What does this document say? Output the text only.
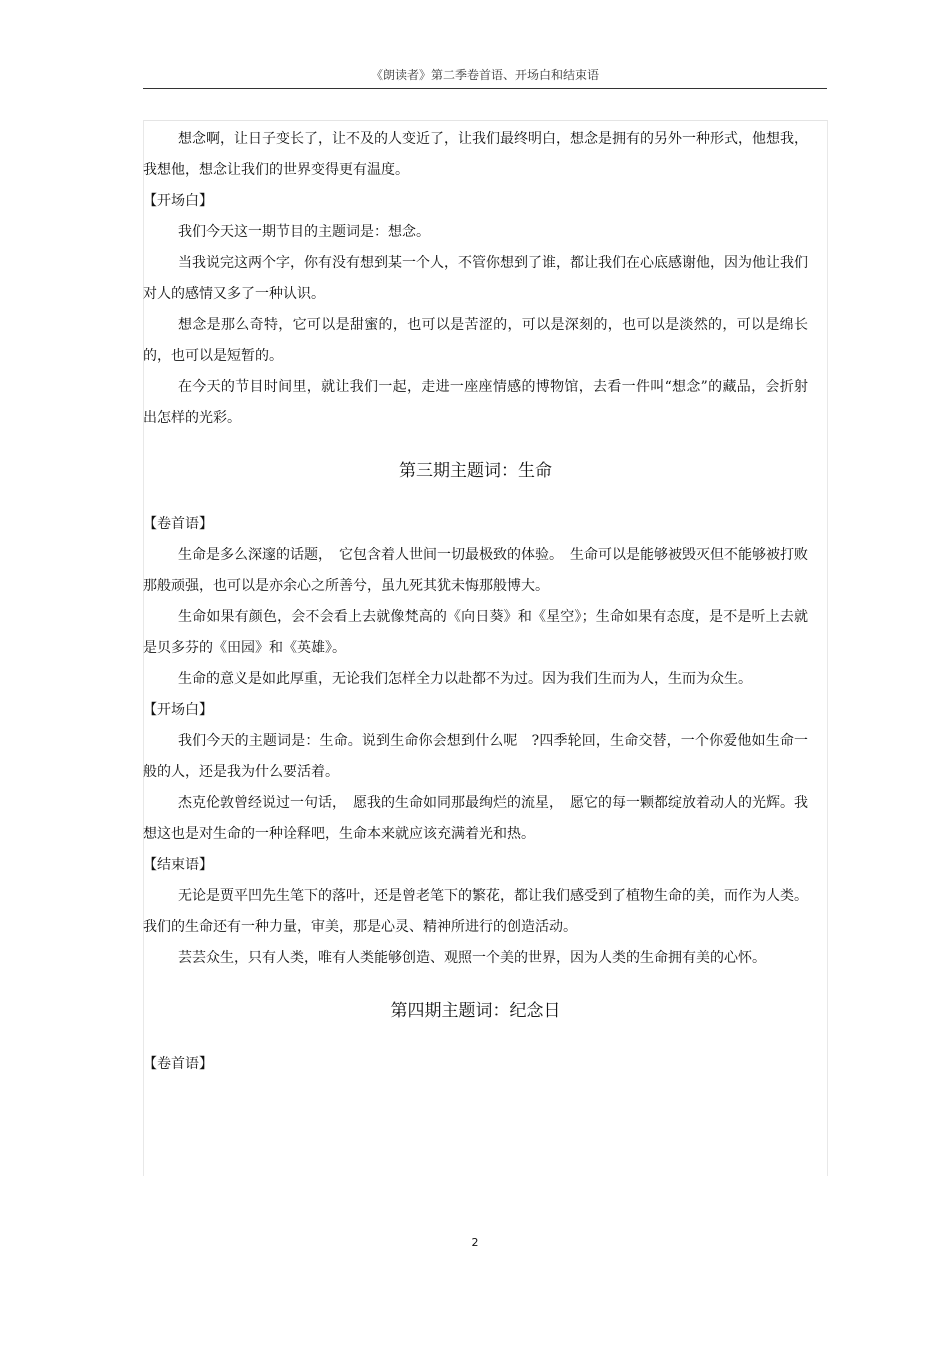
《朗读者》第二季卷首语、开场白和结束语

想念啊，让日子变长了，让不及的人变近了，让我们最终明白，想念是拥有的另外一种形式，他想我，我想他，想念让我们的世界变得更有温度。

【开场白】

我们今天这一期节目的主题词是：想念。

当我说完这两个字，你有没有想到某一个人，不管你想到了谁，都让我们在心底感谢他，因为他让我们对人的感情又多了一种认识。

想念是那么奇特，它可以是甜蜜的，也可以是苦涩的，可以是深刻的，也可以是淡然的，可以是绵长的，也可以是短暂的。

在今天的节目时间里，就让我们一起，走进一座座情感的博物馆，去看一件叫“想念”的藏品，会折射出怎样的光彩。

第三期主题词：生命

【卷首语】

生命是多么深邃的话题，　它包含着人世间一切最极致的体验。　生命可以是能够被毁灭但不能够被打败那般顽强，也可以是亦余心之所善兮，虽九死其犹未悔那般博大。

生命如果有颜色，会不会看上去就像梵高的《向日葵》和《星空》；生命如果有态度，是不是听上去就是贝多芬的《田园》和《英雄》。

生命的意义是如此厚重，无论我们怎样全力以赴都不为过。因为我们生而为人，生而为众生。

【开场白】

我们今天的主题词是：生命。说到生命你会想到什么呢　?四季轮回，生命交替，一个你爱他如生命一般的人，还是我为什么要活着。

杰克伦敦曾经说过一句话，　愿我的生命如同那最绚烂的流星，　愿它的每一颗都绽放着动人的光辉。我想这也是对生命的一种诠释吧，生命本来就应该充满着光和热。

【结束语】

无论是贾平凹先生笔下的落叶，还是曾老笔下的繁花，都让我们感受到了植物生命的美，而作为人类。我们的生命还有一种力量，审美，那是心灵、精神所进行的创造活动。

芸芸众生，只有人类，唯有人类能够创造、观照一个美的世界，因为人类的生命拥有美的心怀。

第四期主题词：纪念日

【卷首语】

2
